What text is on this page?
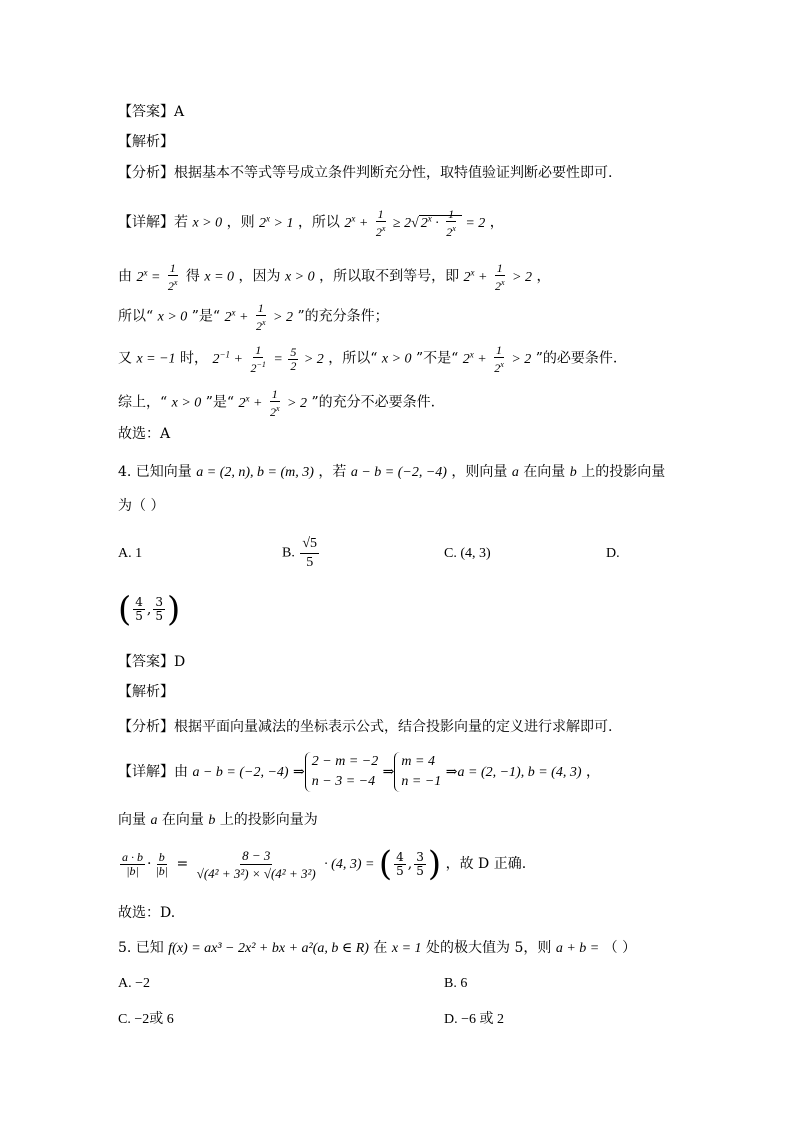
【答案】A
【解析】
【分析】根据基本不等式等号成立条件判断充分性，取特值验证判断必要性即可.
【详解】若 x > 0 ，则 $2^x > 1$ ，所以 $2^x + \frac{1}{2^x} \ge 2√$ $2^x \cdot \frac{1}{2^x} = 2$ ，
由 $2^x = \frac{1}{2^x}$ 得 x = 0 ，因为 x > 0 ，所以取不到等号，即 $2^x + \frac{1}{2^x} > 2$ ，
所以“ x > 0 ”是“ $2^x + \frac{1}{2^x} > 2$ ”的充分条件；
又 x = −1 时， $2^{-1} + \frac{1}{2^{-1}} = \frac{5}{2} > 2$ ，所以“ x > 0 ”不是“ $2^x + \frac{1}{2^x} > 2$ ”的必要条件.
综上，“ x > 0 ”是“ $2^x + \frac{1}{2^x} > 2$ ”的充分不必要条件.
故选：A
4. 已知向量 a = (2, n), b = (m, 3) ，若 a − b = (−2, −4) ，则向量 a 在向量 b 上的投影向量
为（ ）
A. 1	B. $\frac{√5}{5}$	C. (4, 3)	D.
( $\frac{4}{5}$ , $\frac{3}{5}$ )
【答案】D
【解析】
【分析】根据平面向量减法的坐标表示公式，结合投影向量的定义进行求解即可.
【详解】由 a − b = (−2, −4) ⇒
2 − m = −2
n − 3 = −4
⇒
m = 4
n = −1
⇒a = (2, −1), b = (4, 3) ，
向量 a 在向量 b 上的投影向量为
$\frac{a \cdot b}{|b|} \cdot \frac{b}{|b|} = \frac{8 - 3}{\text{√(4² + 3²) × √(4² + 3²)}} \cdot (4$, 3) = ( $\frac{4}{5}$ , $\frac{3}{5}$ ) ，故 D 正确.
故选：D.
5. 已知 f(x) = ax³ − 2x² + bx + a²(a, b ∈ R) 在 x = 1 处的极大值为 5，则 a + b = （ ）
A. −2	B. 6
C. −2或 6	D. −6 或 2
